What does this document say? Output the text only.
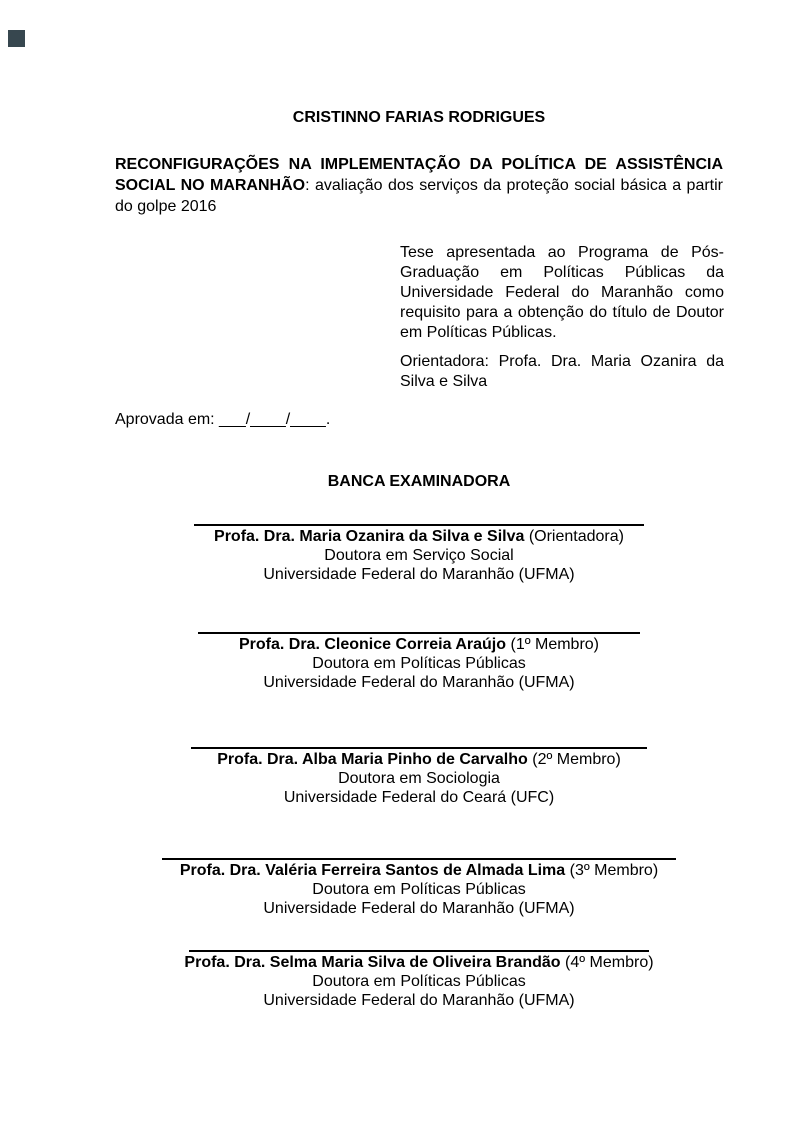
CRISTINNO FARIAS RODRIGUES

RECONFIGURAÇÕES NA IMPLEMENTAÇÃO DA POLÍTICA DE ASSISTÊNCIA SOCIAL NO MARANHÃO: avaliação dos serviços da proteção social básica a partir do golpe 2016

Tese apresentada ao Programa de Pós-Graduação em Políticas Públicas da Universidade Federal do Maranhão como requisito para a obtenção do título de Doutor em Políticas Públicas.

Orientadora: Profa. Dra. Maria Ozanira da Silva e Silva

Aprovada em: ___/____/____.
BANCA EXAMINADORA
Profa. Dra. Maria Ozanira da Silva e Silva (Orientadora)
Doutora em Serviço Social
Universidade Federal do Maranhão (UFMA)
Profa. Dra. Cleonice Correia Araújo (1º Membro)
Doutora em Políticas Públicas
Universidade Federal do Maranhão (UFMA)
Profa. Dra. Alba Maria Pinho de Carvalho (2º Membro)
Doutora em Sociologia
Universidade Federal do Ceará (UFC)
Profa. Dra. Valéria Ferreira Santos de Almada Lima (3º Membro)
Doutora em Políticas Públicas
Universidade Federal do Maranhão (UFMA)
Profa. Dra. Selma Maria Silva de Oliveira Brandão (4º Membro)
Doutora em Políticas Públicas
Universidade Federal do Maranhão (UFMA)
